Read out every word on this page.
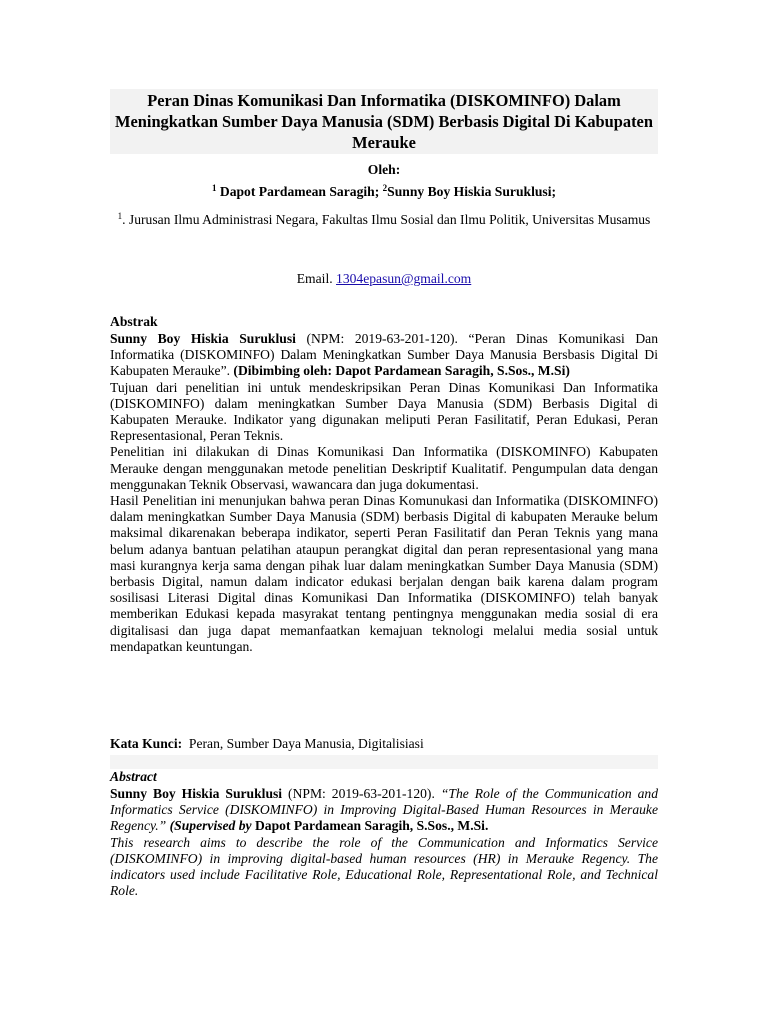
Peran Dinas Komunikasi Dan Informatika (DISKOMINFO) Dalam Meningkatkan Sumber Daya Manusia (SDM) Berbasis Digital Di Kabupaten Merauke
Oleh:
$^1$ Dapot Pardamean Saragih; $^2$Sunny Boy Hiskia Suruklusi;
$^1$. Jurusan Ilmu Administrasi Negara, Fakultas Ilmu Sosial dan Ilmu Politik, Universitas Musamus
Email. 1304epasun@gmail.com
Abstrak

Sunny Boy Hiskia Suruklusi (NPM: 2019-63-201-120). “Peran Dinas Komunikasi Dan Informatika (DISKOMINFO) Dalam Meningkatkan Sumber Daya Manusia Bersbasis Digital Di Kabupaten Merauke”. (Dibimbing oleh: Dapot Pardamean Saragih, S.Sos., M.Si)

Tujuan dari penelitian ini untuk mendeskripsikan Peran Dinas Komunikasi Dan Informatika (DISKOMINFO) dalam meningkatkan Sumber Daya Manusia (SDM) Berbasis Digital di Kabupaten Merauke. Indikator yang digunakan meliputi Peran Fasilitatif, Peran Edukasi, Peran Representasional, Peran Teknis.

Penelitian ini dilakukan di Dinas Komunikasi Dan Informatika (DISKOMINFO) Kabupaten Merauke dengan menggunakan metode penelitian Deskriptif Kualitatif. Pengumpulan data dengan menggunakan Teknik Observasi, wawancara dan juga dokumentasi.

Hasil Penelitian ini menunjukan bahwa peran Dinas Komunukasi dan Informatika (DISKOMINFO) dalam meningkatkan Sumber Daya Manusia (SDM) berbasis Digital di kabupaten Merauke belum maksimal dikarenakan beberapa indikator, seperti Peran Fasilitatif dan Peran Teknis yang mana belum adanya bantuan pelatihan ataupun perangkat digital dan peran representasional yang mana masi kurangnya kerja sama dengan pihak luar dalam meningkatkan Sumber Daya Manusia (SDM) berbasis Digital, namun dalam indicator edukasi berjalan dengan baik karena dalam program sosilisasi Literasi Digital dinas Komunikasi Dan Informatika (DISKOMINFO) telah banyak memberikan Edukasi kepada masyrakat tentang pentingnya menggunakan media sosial di era digitalisasi dan juga dapat memanfaatkan kemajuan teknologi melalui media sosial untuk mendapatkan keuntungan.

Kata Kunci:  Peran, Sumber Daya Manusia, Digitalisiasi
Abstract

Sunny Boy Hiskia Suruklusi (NPM: 2019-63-201-120). “The Role of the Communication and Informatics Service (DISKOMINFO) in Improving Digital-Based Human Resources in Merauke Regency.” (Supervised by Dapot Pardamean Saragih, S.Sos., M.Si.

This research aims to describe the role of the Communication and Informatics Service (DISKOMINFO) in improving digital-based human resources (HR) in Merauke Regency. The indicators used include Facilitative Role, Educational Role, Representational Role, and Technical Role.
